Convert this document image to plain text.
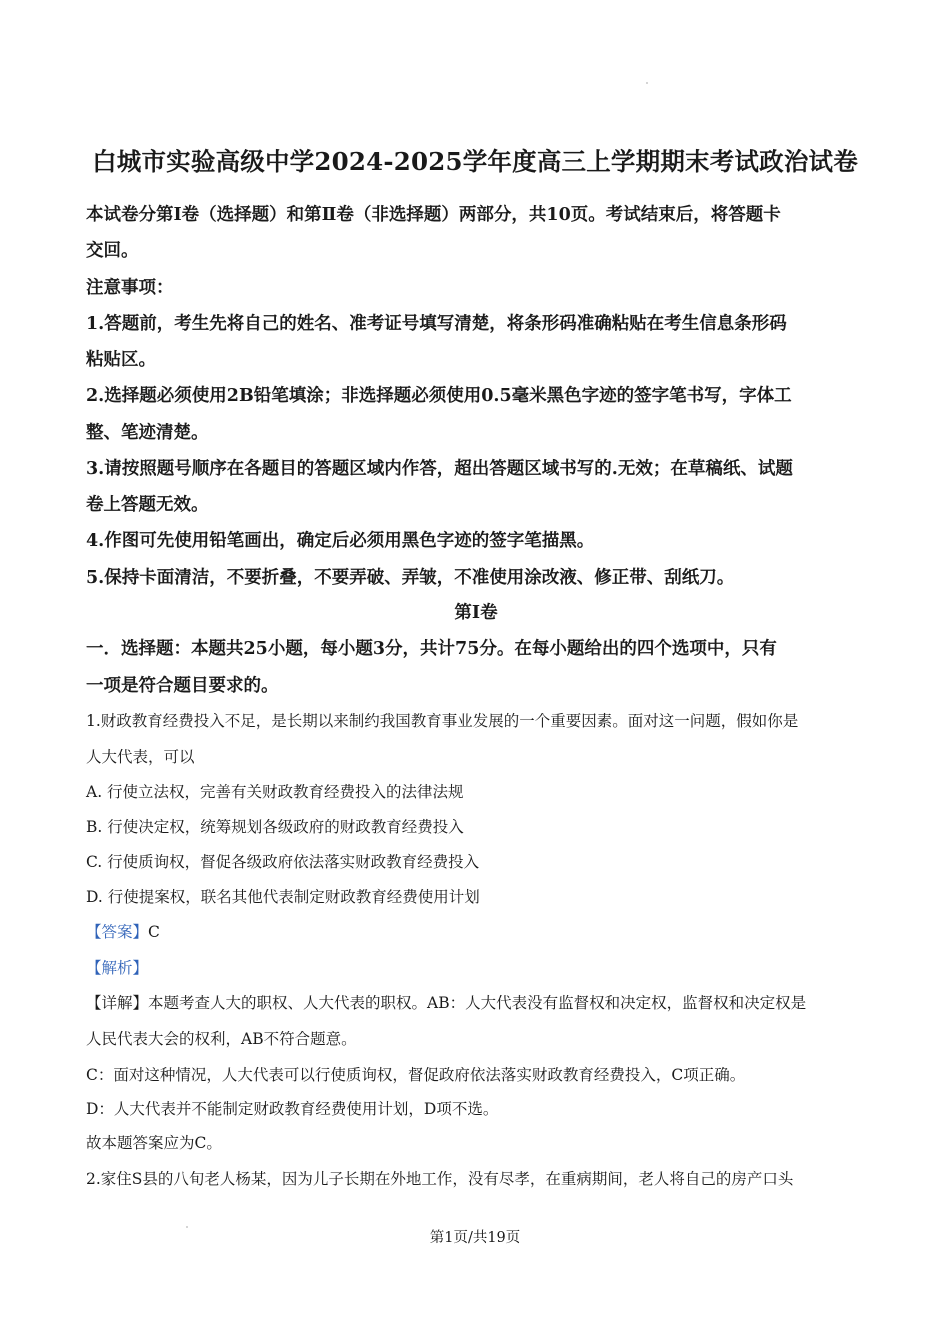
白城市实验高级中学2024-2025学年度高三上学期期末考试政治试卷
本试卷分第Ⅰ卷（选择题）和第Ⅱ卷（非选择题）两部分，共10页。考试结束后，将答题卡
交回。
注意事项：
1.答题前，考生先将自己的姓名、准考证号填写清楚，将条形码准确粘贴在考生信息条形码
粘贴区。
2.选择题必须使用2B铅笔填涂；非选择题必须使用0.5毫米黑色字迹的签字笔书写，字体工
整、笔迹清楚。
3.请按照题号顺序在各题目的答题区域内作答，超出答题区域书写的.无效；在草稿纸、试题
卷上答题无效。
4.作图可先使用铅笔画出，确定后必须用黑色字迹的签字笔描黑。
5.保持卡面清洁，不要折叠，不要弄破、弄皱，不准使用涂改液、修正带、刮纸刀。
第Ⅰ卷
一．选择题：本题共25小题，每小题3分，共计75分。在每小题给出的四个选项中，只有
一项是符合题目要求的。
1.财政教育经费投入不足，是长期以来制约我国教育事业发展的一个重要因素。面对这一问题，假如你是
人大代表，可以
A. 行使立法权，完善有关财政教育经费投入的法律法规
B. 行使决定权，统筹规划各级政府的财政教育经费投入
C. 行使质询权，督促各级政府依法落实财政教育经费投入
D. 行使提案权，联名其他代表制定财政教育经费使用计划
【答案】C
【解析】
【详解】本题考查人大的职权、人大代表的职权。AB：人大代表没有监督权和决定权，监督权和决定权是
人民代表大会的权利，AB不符合题意。
C：面对这种情况，人大代表可以行使质询权，督促政府依法落实财政教育经费投入，C项正确。
D：人大代表并不能制定财政教育经费使用计划，D项不选。
故本题答案应为C。
2.家住S县的八旬老人杨某，因为儿子长期在外地工作，没有尽孝，在重病期间，老人将自己的房产口头
第1页/共19页
